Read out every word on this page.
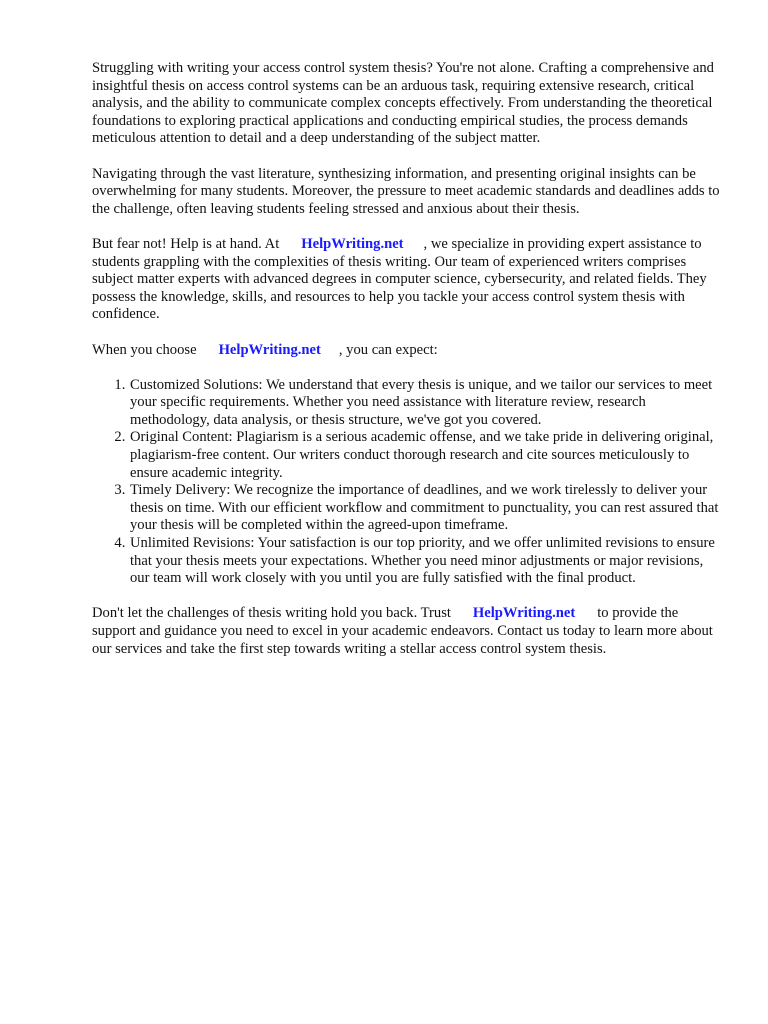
Struggling with writing your access control system thesis? You're not alone. Crafting a comprehensive and insightful thesis on access control systems can be an arduous task, requiring extensive research, critical analysis, and the ability to communicate complex concepts effectively. From understanding the theoretical foundations to exploring practical applications and conducting empirical studies, the process demands meticulous attention to detail and a deep understanding of the subject matter.

Navigating through the vast literature, synthesizing information, and presenting original insights can be overwhelming for many students. Moreover, the pressure to meet academic standards and deadlines adds to the challenge, often leaving students feeling stressed and anxious about their thesis.

But fear not! Help is at hand. At HelpWriting.net , we specialize in providing expert assistance to students grappling with the complexities of thesis writing. Our team of experienced writers comprises subject matter experts with advanced degrees in computer science, cybersecurity, and related fields. They possess the knowledge, skills, and resources to help you tackle your access control system thesis with confidence.

When you choose HelpWriting.net , you can expect:

1. Customized Solutions: We understand that every thesis is unique, and we tailor our services to meet your specific requirements. Whether you need assistance with literature review, research methodology, data analysis, or thesis structure, we've got you covered.
2. Original Content: Plagiarism is a serious academic offense, and we take pride in delivering original, plagiarism-free content. Our writers conduct thorough research and cite sources meticulously to ensure academic integrity.
3. Timely Delivery: We recognize the importance of deadlines, and we work tirelessly to deliver your thesis on time. With our efficient workflow and commitment to punctuality, you can rest assured that your thesis will be completed within the agreed-upon timeframe.
4. Unlimited Revisions: Your satisfaction is our top priority, and we offer unlimited revisions to ensure that your thesis meets your expectations. Whether you need minor adjustments or major revisions, our team will work closely with you until you are fully satisfied with the final product.

Don't let the challenges of thesis writing hold you back. Trust HelpWriting.net to provide the support and guidance you need to excel in your academic endeavors. Contact us today to learn more about our services and take the first step towards writing a stellar access control system thesis.
